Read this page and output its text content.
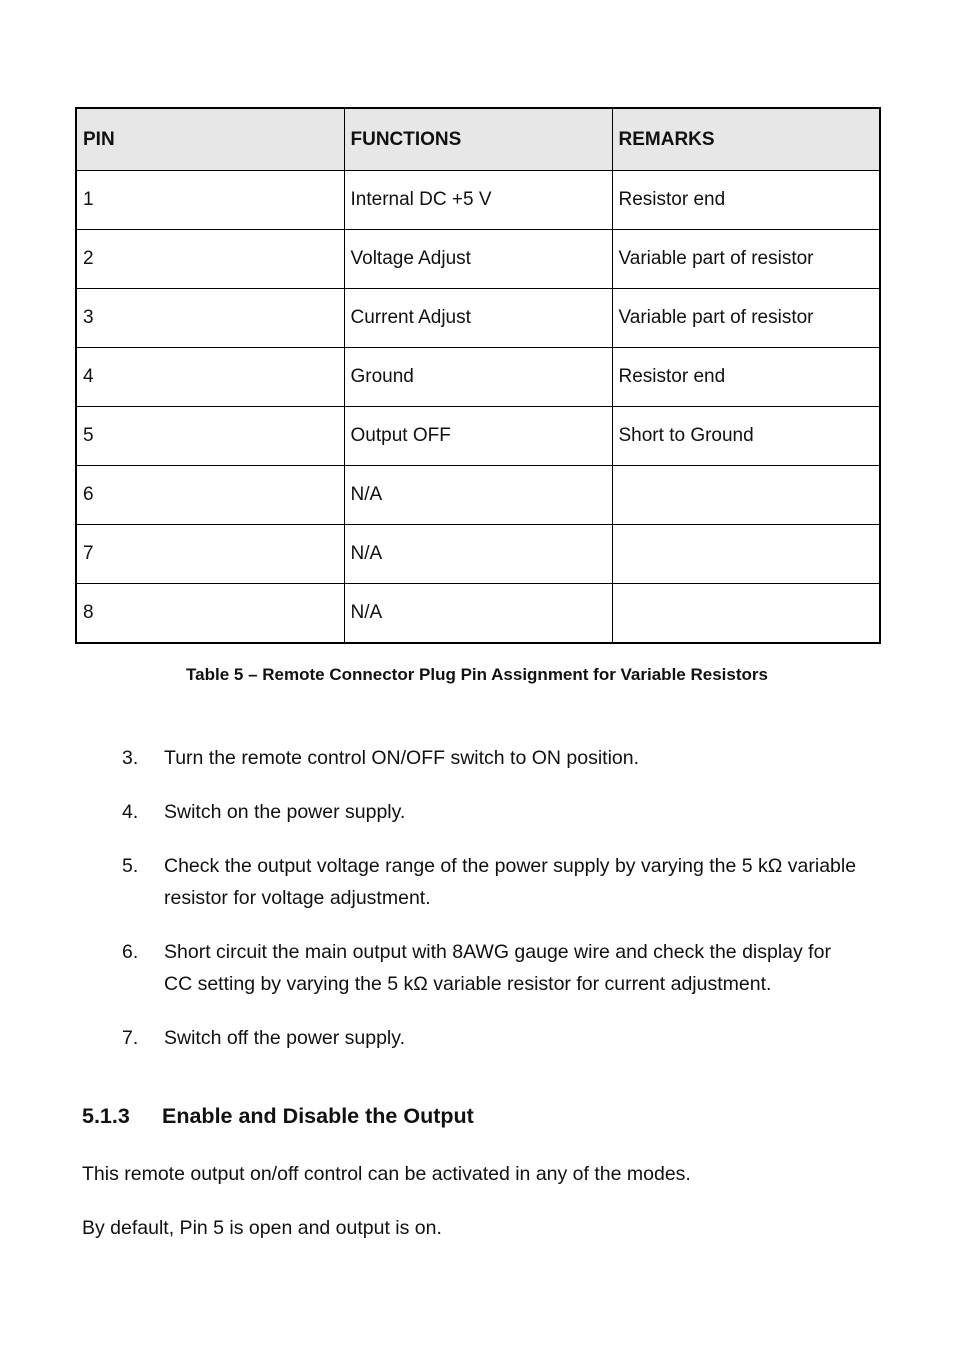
PIN	FUNCTIONS	REMARKS
1	Internal DC +5 V	Resistor end
2	Voltage Adjust	Variable part of resistor
3	Current Adjust	Variable part of resistor
4	Ground	Resistor end
5	Output OFF	Short to Ground
6	N/A	
7	N/A	
8	N/A	
Table 5 – Remote Connector Plug Pin Assignment for Variable Resistors
3. Turn the remote control ON/OFF switch to ON position.
4. Switch on the power supply.
5. Check the output voltage range of the power supply by varying the 5 kΩ variable resistor for voltage adjustment.
6. Short circuit the main output with 8AWG gauge wire and check the display for CC setting by varying the 5 kΩ variable resistor for current adjustment.
7. Switch off the power supply.
5.1.3 Enable and Disable the Output
This remote output on/off control can be activated in any of the modes.
By default, Pin 5 is open and output is on.
